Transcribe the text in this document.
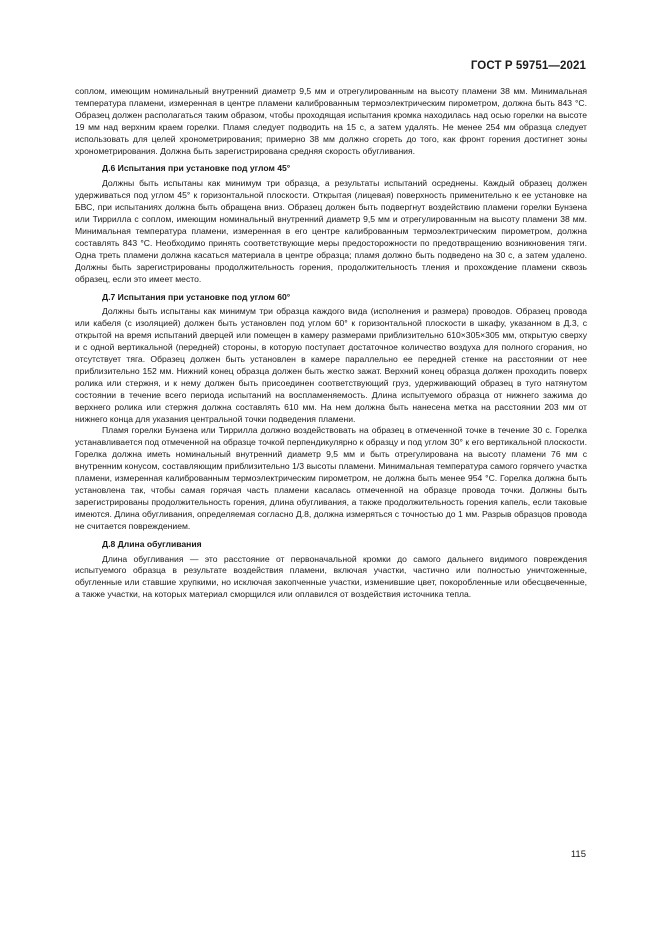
ГОСТ Р 59751—2021

соплом, имеющим номинальный внутренний диаметр 9,5 мм и отрегулированным на высоту пламени 38 мм. Минимальная температура пламени, измеренная в центре пламени калиброванным термоэлектрическим пирометром, должна быть 843 °С. Образец должен располагаться таким образом, чтобы проходящая испытания кромка находилась над осью горелки на высоте 19 мм над верхним краем горелки. Пламя следует подводить на 15 с, а затем удалять. Не менее 254 мм образца следует использовать для целей хронометрирования; примерно 38 мм должно сгореть до того, как фронт горения достигнет зоны хронометрирования. Должна быть зарегистрирована средняя скорость обугливания.

Д.6 Испытания при установке под углом 45°

Должны быть испытаны как минимум три образца, а результаты испытаний осреднены. Каждый образец должен удерживаться под углом 45° к горизонтальной плоскости. Открытая (лицевая) поверхность применительно к ее установке на БВС, при испытаниях должна быть обращена вниз. Образец должен быть подвергнут воздействию пламени горелки Бунзена или Тиррилла с соплом, имеющим номинальный внутренний диаметр 9,5 мм и отрегулированным на высоту пламени 38 мм. Минимальная температура пламени, измеренная в его центре калиброванным термоэлектрическим пирометром, должна составлять 843 °С. Необходимо принять соответствующие меры предосторожности по предотвращению возникновения тяги. Одна треть пламени должна касаться материала в центре образца; пламя должно быть подведено на 30 с, а затем удалено. Должны быть зарегистрированы продолжительность горения, продолжительность тления и прохождение пламени сквозь образец, если это имеет место.

Д.7 Испытания при установке под углом 60°

Должны быть испытаны как минимум три образца каждого вида (исполнения и размера) проводов. Образец провода или кабеля (с изоляцией) должен быть установлен под углом 60° к горизонтальной плоскости в шкафу, указанном в Д.3, с открытой на время испытаний дверцей или помещен в камеру размерами приблизительно 610×305×305 мм, открытую сверху и с одной вертикальной (передней) стороны, в которую поступает достаточное количество воздуха для полного сгорания, но отсутствует тяга. Образец должен быть установлен в камере параллельно ее передней стенке на расстоянии от нее приблизительно 152 мм. Нижний конец образца должен быть жестко зажат. Верхний конец образца должен проходить поверх ролика или стержня, и к нему должен быть присоединен соответствующий груз, удерживающий образец в туго натянутом состоянии в течение всего периода испытаний на воспламеняемость. Длина испытуемого образца от нижнего зажима до верхнего ролика или стержня должна составлять 610 мм. На нем должна быть нанесена метка на расстоянии 203 мм от нижнего конца для указания центральной точки подведения пламени.

Пламя горелки Бунзена или Тиррилла должно воздействовать на образец в отмеченной точке в течение 30 с. Горелка устанавливается под отмеченной на образце точкой перпендикулярно к образцу и под углом 30° к его вертикальной плоскости. Горелка должна иметь номинальный внутренний диаметр 9,5 мм и быть отрегулирована на высоту пламени 76 мм с внутренним конусом, составляющим приблизительно 1/3 высоты пламени. Минимальная температура самого горячего участка пламени, измеренная калиброванным термоэлектрическим пирометром, не должна быть менее 954 °С. Горелка должна быть установлена так, чтобы самая горячая часть пламени касалась отмеченной на образце провода точки. Должны быть зарегистрированы продолжительность горения, длина обугливания, а также продолжительность горения капель, если таковые имеются. Длина обугливания, определяемая согласно Д.8, должна измеряться с точностью до 1 мм. Разрыв образцов провода не считается повреждением.

Д.8 Длина обугливания

Длина обугливания — это расстояние от первоначальной кромки до самого дальнего видимого повреждения испытуемого образца в результате воздействия пламени, включая участки, частично или полностью уничтоженные, обугленные или ставшие хрупкими, но исключая закопченные участки, изменившие цвет, покоробленные или обесцвеченные, а также участки, на которых материал сморщился или оплавился от воздействия источника тепла.

115
